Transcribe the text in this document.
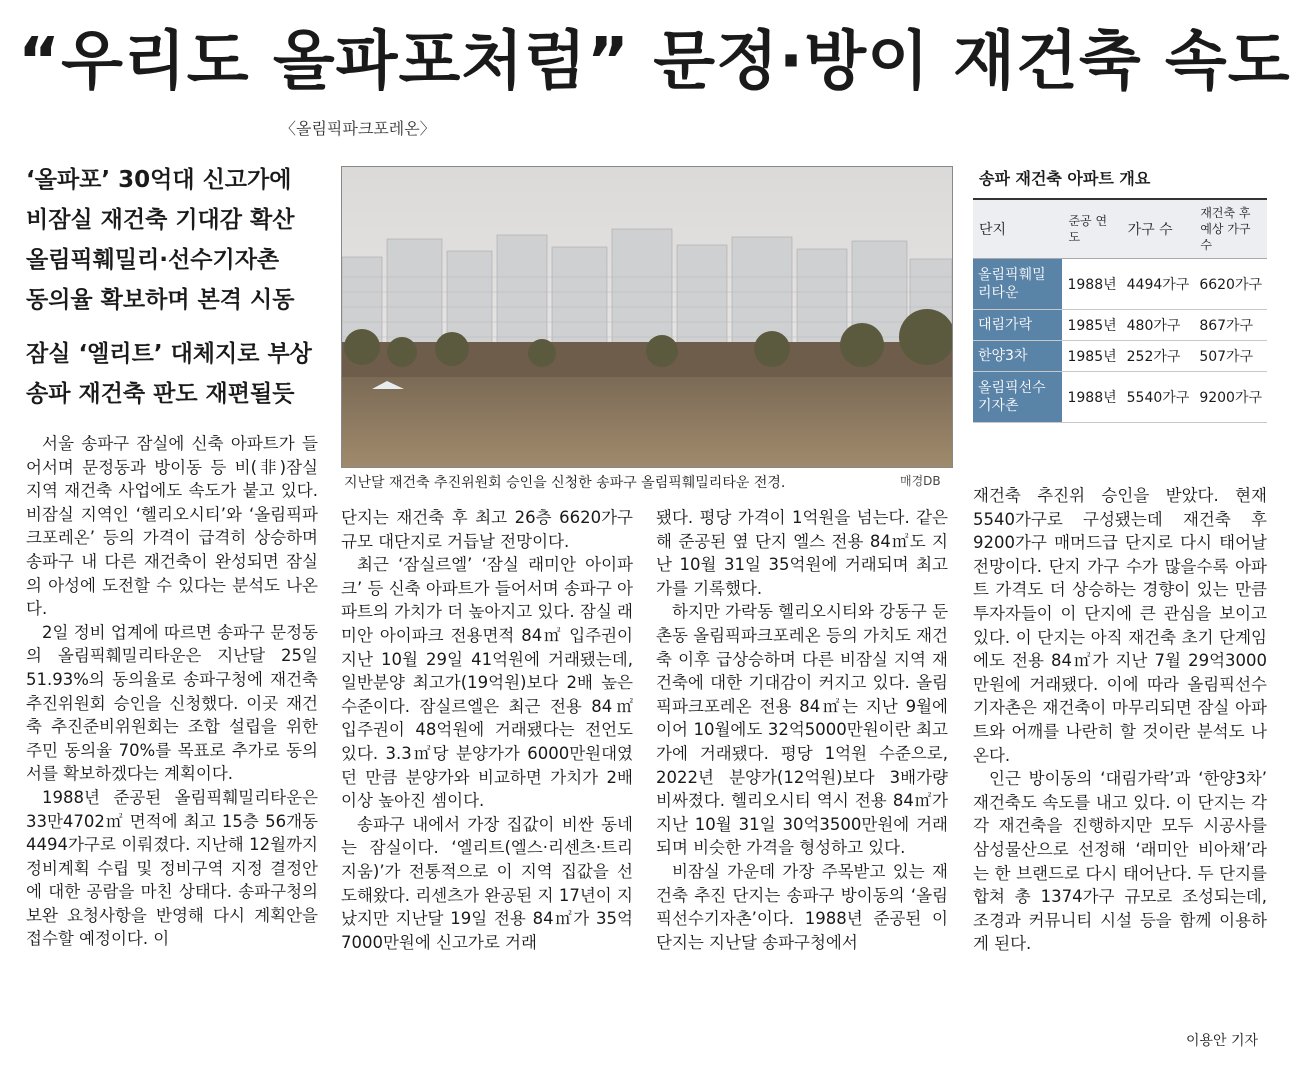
“우리도 올파포처럼” 문정·방이 재건축 속도
〈올림픽파크포레온〉
‘올파포’ 30억대 신고가에
비잠실 재건축 기대감 확산
올림픽훼밀리·선수기자촌
동의율 확보하며 본격 시동
잠실 ‘엘리트’ 대체지로 부상
송파 재건축 판도 재편될듯
지난달 재건축 추진위원회 승인을 신청한 송파구 올림픽훼밀리타운 전경.	매경DB
송파 재건축 아파트 개요
단지	준공 연도	가구 수	재건축 후 예상 가구 수
올림픽훼밀리타운	1988년	4494가구	6620가구
대림가락	1985년	480가구	867가구
한양3차	1985년	252가구	507가구
올림픽선수기자촌	1988년	5540가구	9200가구

서울 송파구 잠실에 신축 아파트가 들어서며 문정동과 방이동 등 비(非)잠실 지역 재건축 사업에도 속도가 붙고 있다. 비잠실 지역인 ‘헬리오시티’와 ‘올림픽파크포레온’ 등의 가격이 급격히 상승하며 송파구 내 다른 재건축이 완성되면 잠실의 아성에 도전할 수 있다는 분석도 나온다.

2일 정비 업계에 따르면 송파구 문정동의 올림픽훼밀리타운은 지난달 25일 51.93%의 동의율로 송파구청에 재건축 추진위원회 승인을 신청했다. 이곳 재건축 추진준비위원회는 조합 설립을 위한 주민 동의율 70%를 목표로 추가로 동의서를 확보하겠다는 계획이다.

1988년 준공된 올림픽훼밀리타운은 33만4702㎡ 면적에 최고 15층 56개동 4494가구로 이뤄졌다. 지난해 12월까지 정비계획 수립 및 정비구역 지정 결정안에 대한 공람을 마친 상태다. 송파구청의 보완 요청사항을 반영해 다시 계획안을 접수할 예정이다. 이

단지는 재건축 후 최고 26층 6620가구 규모 대단지로 거듭날 전망이다.

최근 ‘잠실르엘’ ‘잠실 래미안 아이파크’ 등 신축 아파트가 들어서며 송파구 아파트의 가치가 더 높아지고 있다. 잠실 래미안 아이파크 전용면적 84㎡ 입주권이 지난 10월 29일 41억원에 거래됐는데, 일반분양 최고가(19억원)보다 2배 높은 수준이다. 잠실르엘은 최근 전용 84㎡ 입주권이 48억원에 거래됐다는 전언도 있다. 3.3㎡당 분양가가 6000만원대였던 만큼 분양가와 비교하면 가치가 2배 이상 높아진 셈이다.

송파구 내에서 가장 집값이 비싼 동네는 잠실이다. ‘엘리트(엘스·리센츠·트리지움)’가 전통적으로 이 지역 집값을 선도해왔다. 리센츠가 완공된 지 17년이 지났지만 지난달 19일 전용 84㎡가 35억7000만원에 신고가로 거래

됐다. 평당 가격이 1억원을 넘는다. 같은 해 준공된 옆 단지 엘스 전용 84㎡도 지난 10월 31일 35억원에 거래되며 최고가를 기록했다.

하지만 가락동 헬리오시티와 강동구 둔촌동 올림픽파크포레온 등의 가치도 재건축 이후 급상승하며 다른 비잠실 지역 재건축에 대한 기대감이 커지고 있다. 올림픽파크포레온 전용 84㎡는 지난 9월에 이어 10월에도 32억5000만원이란 최고가에 거래됐다. 평당 1억원 수준으로, 2022년 분양가(12억원)보다 3배가량 비싸졌다. 헬리오시티 역시 전용 84㎡가 지난 10월 31일 30억3500만원에 거래되며 비슷한 가격을 형성하고 있다.

비잠실 가운데 가장 주목받고 있는 재건축 추진 단지는 송파구 방이동의 ‘올림픽선수기자촌’이다. 1988년 준공된 이 단지는 지난달 송파구청에서

재건축 추진위 승인을 받았다. 현재 5540가구로 구성됐는데 재건축 후 9200가구 매머드급 단지로 다시 태어날 전망이다. 단지 가구 수가 많을수록 아파트 가격도 더 상승하는 경향이 있는 만큼 투자자들이 이 단지에 큰 관심을 보이고 있다. 이 단지는 아직 재건축 초기 단계임에도 전용 84㎡가 지난 7월 29억3000만원에 거래됐다. 이에 따라 올림픽선수기자촌은 재건축이 마무리되면 잠실 아파트와 어깨를 나란히 할 것이란 분석도 나온다.

인근 방이동의 ‘대림가락’과 ‘한양3차’ 재건축도 속도를 내고 있다. 이 단지는 각각 재건축을 진행하지만 모두 시공사를 삼성물산으로 선정해 ‘래미안 비아채’라는 한 브랜드로 다시 태어난다. 두 단지를 합쳐 총 1374가구 규모로 조성되는데, 조경과 커뮤니티 시설 등을 함께 이용하게 된다.

이용안 기자
